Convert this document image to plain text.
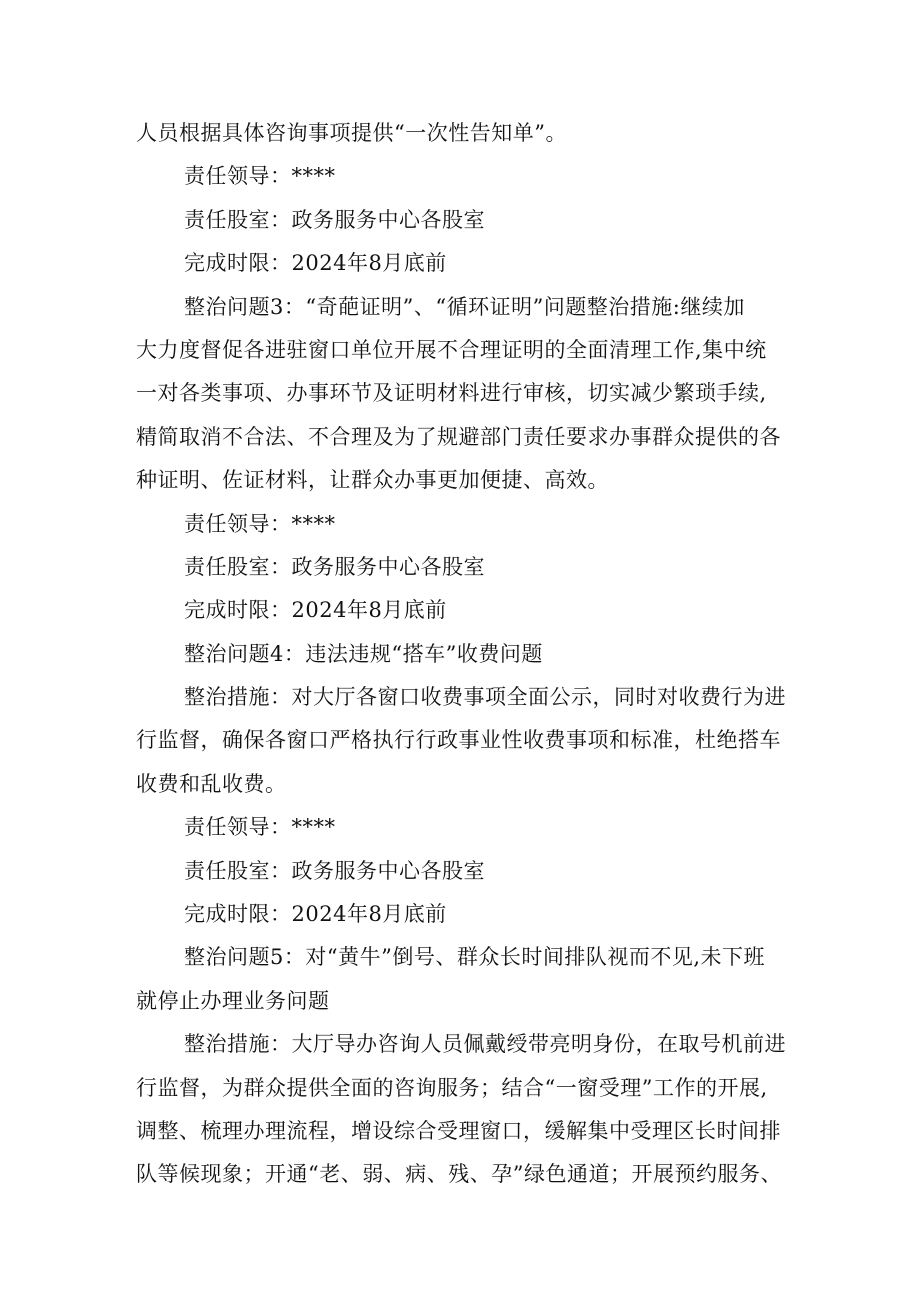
人员根据具体咨询事项提供“一次性告知单”。
责任领导：****
责任股室：政务服务中心各股室
完成时限：2024年8月底前
整治问题3：“奇葩证明”、“循环证明”问题整治措施:继续加
大力度督促各进驻窗口单位开展不合理证明的全面清理工作,集中统
一对各类事项、办事环节及证明材料进行审核，切实减少繁琐手续,
精简取消不合法、不合理及为了规避部门责任要求办事群众提供的各
种证明、佐证材料，让群众办事更加便捷、高效。
责任领导：****
责任股室：政务服务中心各股室
完成时限：2024年8月底前
整治问题4：违法违规“搭车”收费问题
整治措施：对大厅各窗口收费事项全面公示，同时对收费行为进
行监督，确保各窗口严格执行行政事业性收费事项和标准，杜绝搭车
收费和乱收费。
责任领导：****
责任股室：政务服务中心各股室
完成时限：2024年8月底前
整治问题5：对“黄牛”倒号、群众长时间排队视而不见,未下班
就停止办理业务问题
整治措施：大厅导办咨询人员佩戴绶带亮明身份，在取号机前进
行监督，为群众提供全面的咨询服务；结合“一窗受理”工作的开展,
调整、梳理办理流程，增设综合受理窗口，缓解集中受理区长时间排
队等候现象；开通“老、弱、病、残、孕”绿色通道；开展预约服务、
